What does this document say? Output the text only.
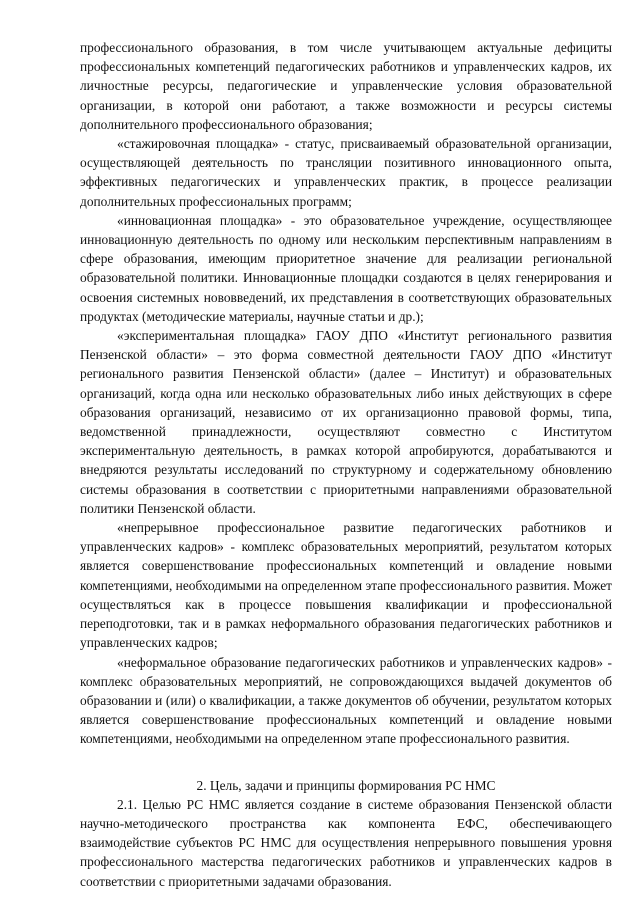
профессионального образования, в том числе учитывающем актуальные дефициты профессиональных компетенций педагогических работников и управленческих кадров, их личностные ресурсы, педагогические и управленческие условия образовательной организации, в которой они работают, а также возможности и ресурсы системы дополнительного профессионального образования;

«стажировочная площадка» - статус, присваиваемый образовательной организации, осуществляющей деятельность по трансляции позитивного инновационного опыта, эффективных педагогических и управленческих практик, в процессе реализации дополнительных профессиональных программ;

«инновационная площадка» - это образовательное учреждение, осуществляющее инновационную деятельность по одному или нескольким перспективным направлениям в сфере образования, имеющим приоритетное значение для реализации региональной образовательной политики. Инновационные площадки создаются в целях генерирования и освоения системных нововведений, их представления в соответствующих образовательных продуктах (методические материалы, научные статьи и др.);

«экспериментальная площадка» ГАОУ ДПО «Институт регионального развития Пензенской области» – это форма совместной деятельности ГАОУ ДПО «Институт регионального развития Пензенской области» (далее – Институт) и образовательных организаций, когда одна или несколько образовательных либо иных действующих в сфере образования организаций, независимо от их организационно правовой формы, типа, ведомственной принадлежности, осуществляют совместно с Институтом экспериментальную деятельность, в рамках которой апробируются, дорабатываются и внедряются результаты исследований по структурному и содержательному обновлению системы образования в соответствии с приоритетными направлениями образовательной политики Пензенской области.

«непрерывное профессиональное развитие педагогических работников и управленческих кадров» - комплекс образовательных мероприятий, результатом которых является совершенствование профессиональных компетенций и овладение новыми компетенциями, необходимыми на определенном этапе профессионального развития. Может осуществляться как в процессе повышения квалификации и профессиональной переподготовки, так и в рамках неформального образования педагогических работников и управленческих кадров;

«неформальное образование педагогических работников и управленческих кадров» - комплекс образовательных мероприятий, не сопровождающихся выдачей документов об образовании и (или) о квалификации, а также документов об обучении, результатом которых является совершенствование профессиональных компетенций и овладение новыми компетенциями, необходимыми на определенном этапе профессионального развития.

2. Цель, задачи и принципы формирования РС НМС

2.1. Целью РС НМС является создание в системе образования Пензенской области научно-методического пространства как компонента ЕФС, обеспечивающего взаимодействие субъектов РС НМС для осуществления непрерывного повышения уровня профессионального мастерства педагогических работников и управленческих кадров в соответствии с приоритетными задачами образования.
